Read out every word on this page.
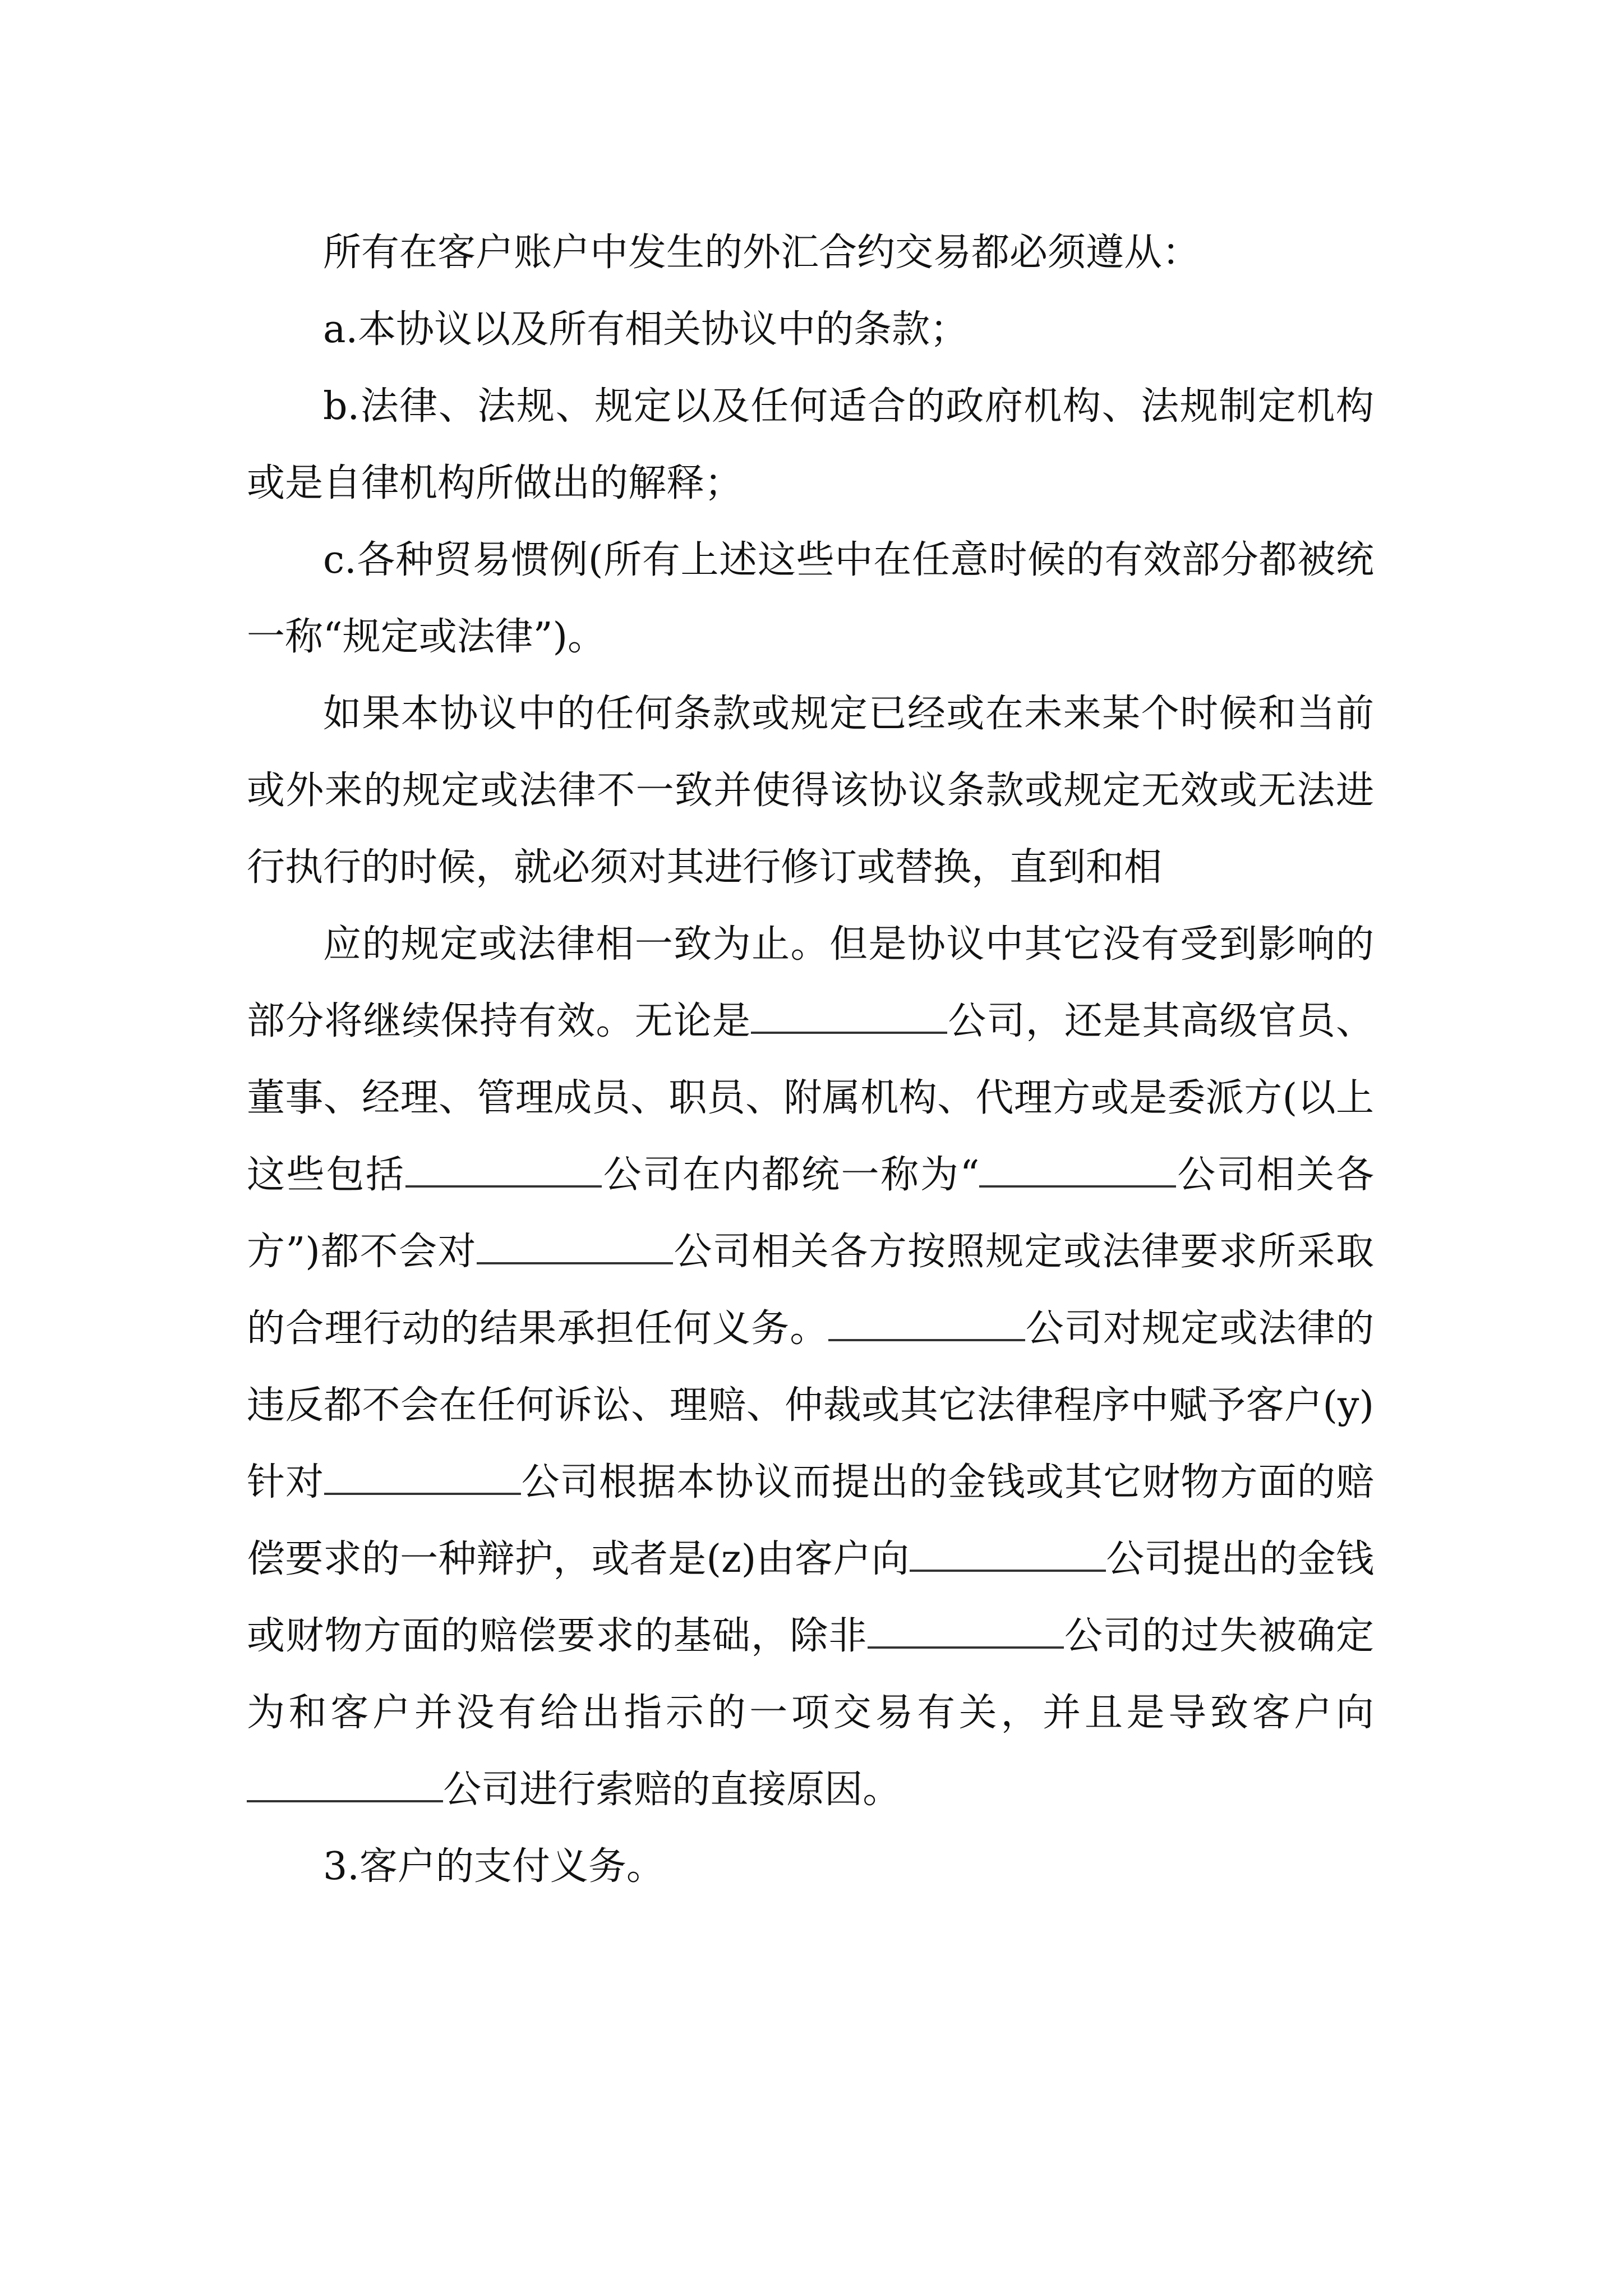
所有在客户账户中发生的外汇合约交易都必须遵从：

a.本协议以及所有相关协议中的条款；

b.法律、法规、规定以及任何适合的政府机构、法规制定机构或是自律机构所做出的解释；

c.各种贸易惯例(所有上述这些中在任意时候的有效部分都被统一称“规定或法律”)。

如果本协议中的任何条款或规定已经或在未来某个时候和当前或外来的规定或法律不一致并使得该协议条款或规定无效或无法进行执行的时候，就必须对其进行修订或替换，直到和相

应的规定或法律相一致为止。但是协议中其它没有受到影响的部分将继续保持有效。无论是	公司，还是其高级官员、董事、经理、管理成员、职员、附属机构、代理方或是委派方(以上这些包括	公司在内都统一称为“	公司相关各方”)都不会对	公司相关各方按照规定或法律要求所采取的合理行动的结果承担任何义务。	公司对规定或法律的违反都不会在任何诉讼、理赔、仲裁或其它法律程序中赋予客户(y)针对	公司根据本协议而提出的金钱或其它财物方面的赔偿要求的一种辩护，或者是(z)由客户向	公司提出的金钱或财物方面的赔偿要求的基础，除非	公司的过失被确定为和客户并没有给出指示的一项交易有关，并且是导致客户向公司进行索赔的直接原因。

3.客户的支付义务。
